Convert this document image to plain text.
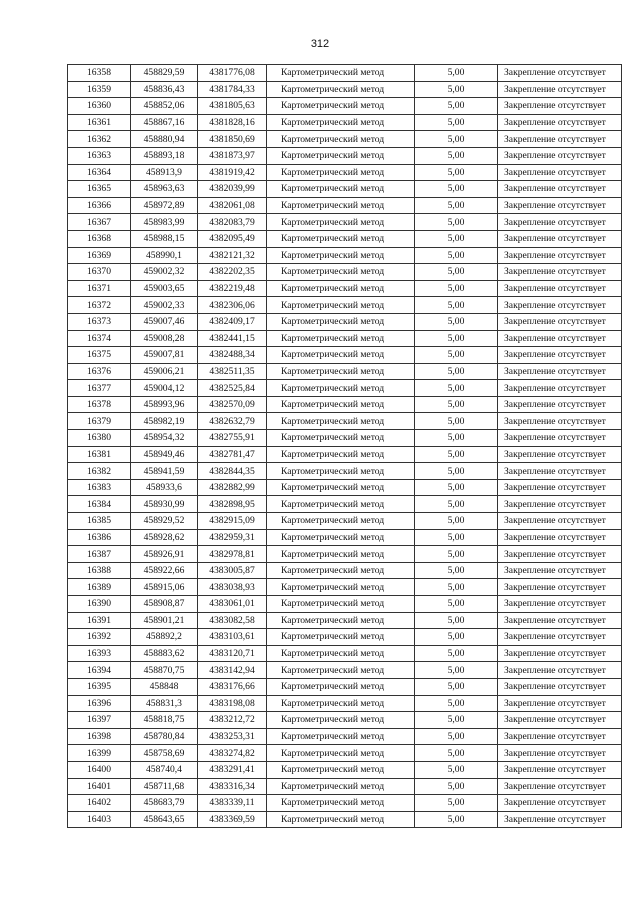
312
16358	458829,59	4381776,08	Картометрический метод	5,00	Закрепление отсутствует
16359	458836,43	4381784,33	Картометрический метод	5,00	Закрепление отсутствует
16360	458852,06	4381805,63	Картометрический метод	5,00	Закрепление отсутствует
16361	458867,16	4381828,16	Картометрический метод	5,00	Закрепление отсутствует
16362	458880,94	4381850,69	Картометрический метод	5,00	Закрепление отсутствует
16363	458893,18	4381873,97	Картометрический метод	5,00	Закрепление отсутствует
16364	458913,9	4381919,42	Картометрический метод	5,00	Закрепление отсутствует
16365	458963,63	4382039,99	Картометрический метод	5,00	Закрепление отсутствует
16366	458972,89	4382061,08	Картометрический метод	5,00	Закрепление отсутствует
16367	458983,99	4382083,79	Картометрический метод	5,00	Закрепление отсутствует
16368	458988,15	4382095,49	Картометрический метод	5,00	Закрепление отсутствует
16369	458990,1	4382121,32	Картометрический метод	5,00	Закрепление отсутствует
16370	459002,32	4382202,35	Картометрический метод	5,00	Закрепление отсутствует
16371	459003,65	4382219,48	Картометрический метод	5,00	Закрепление отсутствует
16372	459002,33	4382306,06	Картометрический метод	5,00	Закрепление отсутствует
16373	459007,46	4382409,17	Картометрический метод	5,00	Закрепление отсутствует
16374	459008,28	4382441,15	Картометрический метод	5,00	Закрепление отсутствует
16375	459007,81	4382488,34	Картометрический метод	5,00	Закрепление отсутствует
16376	459006,21	4382511,35	Картометрический метод	5,00	Закрепление отсутствует
16377	459004,12	4382525,84	Картометрический метод	5,00	Закрепление отсутствует
16378	458993,96	4382570,09	Картометрический метод	5,00	Закрепление отсутствует
16379	458982,19	4382632,79	Картометрический метод	5,00	Закрепление отсутствует
16380	458954,32	4382755,91	Картометрический метод	5,00	Закрепление отсутствует
16381	458949,46	4382781,47	Картометрический метод	5,00	Закрепление отсутствует
16382	458941,59	4382844,35	Картометрический метод	5,00	Закрепление отсутствует
16383	458933,6	4382882,99	Картометрический метод	5,00	Закрепление отсутствует
16384	458930,99	4382898,95	Картометрический метод	5,00	Закрепление отсутствует
16385	458929,52	4382915,09	Картометрический метод	5,00	Закрепление отсутствует
16386	458928,62	4382959,31	Картометрический метод	5,00	Закрепление отсутствует
16387	458926,91	4382978,81	Картометрический метод	5,00	Закрепление отсутствует
16388	458922,66	4383005,87	Картометрический метод	5,00	Закрепление отсутствует
16389	458915,06	4383038,93	Картометрический метод	5,00	Закрепление отсутствует
16390	458908,87	4383061,01	Картометрический метод	5,00	Закрепление отсутствует
16391	458901,21	4383082,58	Картометрический метод	5,00	Закрепление отсутствует
16392	458892,2	4383103,61	Картометрический метод	5,00	Закрепление отсутствует
16393	458883,62	4383120,71	Картометрический метод	5,00	Закрепление отсутствует
16394	458870,75	4383142,94	Картометрический метод	5,00	Закрепление отсутствует
16395	458848	4383176,66	Картометрический метод	5,00	Закрепление отсутствует
16396	458831,3	4383198,08	Картометрический метод	5,00	Закрепление отсутствует
16397	458818,75	4383212,72	Картометрический метод	5,00	Закрепление отсутствует
16398	458780,84	4383253,31	Картометрический метод	5,00	Закрепление отсутствует
16399	458758,69	4383274,82	Картометрический метод	5,00	Закрепление отсутствует
16400	458740,4	4383291,41	Картометрический метод	5,00	Закрепление отсутствует
16401	458711,68	4383316,34	Картометрический метод	5,00	Закрепление отсутствует
16402	458683,79	4383339,11	Картометрический метод	5,00	Закрепление отсутствует
16403	458643,65	4383369,59	Картометрический метод	5,00	Закрепление отсутствует
